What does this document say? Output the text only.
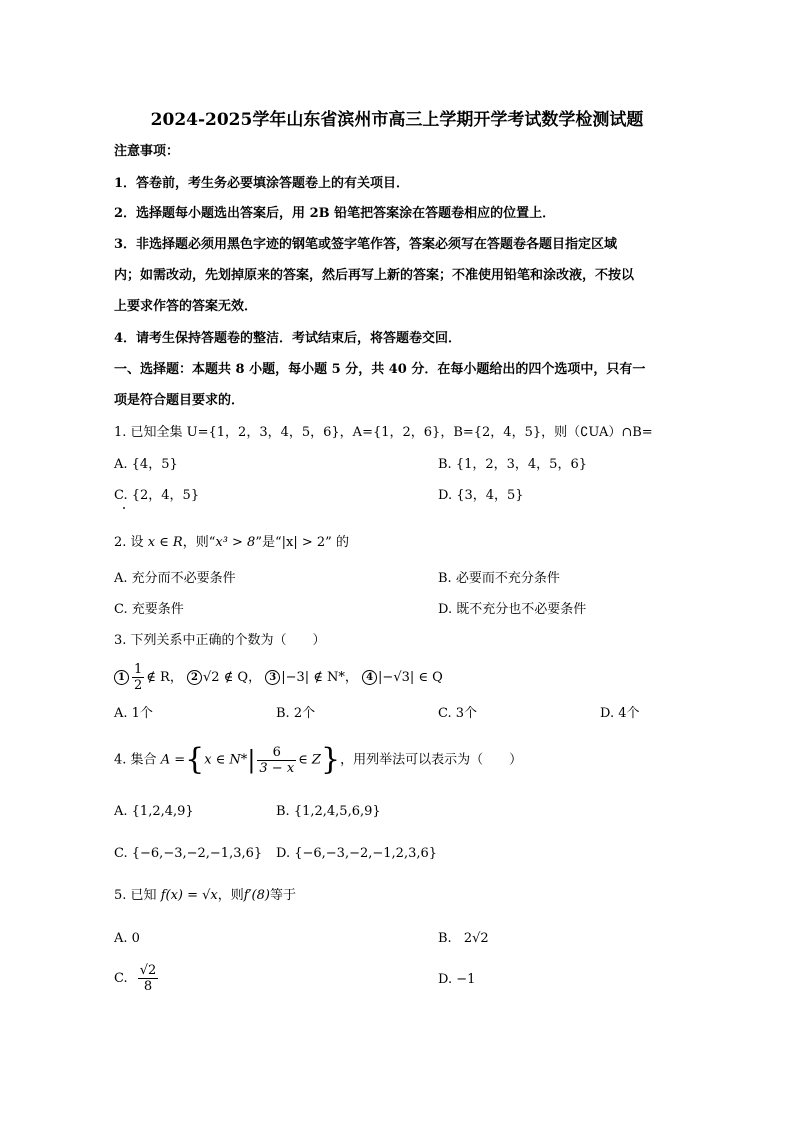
2024-2025学年山东省滨州市高三上学期开学考试数学检测试题
注意事项：
1．答卷前，考生务必要填涂答题卷上的有关项目．
2．选择题每小题选出答案后，用 2B 铅笔把答案涂在答题卷相应的位置上．
3．非选择题必须用黑色字迹的钢笔或签字笔作答，答案必须写在答题卷各题目指定区域
内；如需改动，先划掉原来的答案，然后再写上新的答案；不准使用铅笔和涂改液，不按以
上要求作答的答案无效．
4．请考生保持答题卷的整洁．考试结束后，将答题卷交回．
一、选择题：本题共 8 小题，每小题 5 分，共 40 分．在每小题给出的四个选项中，只有一
项是符合题目要求的．
1. 已知全集 U={1，2，3，4，5，6}，A={1，2，6}，B={2，4，5}，则（∁UA）∩B=
A. {4，5}	B. {1，2，3，4，5，6}
C. {2，4，5}	D. {3，4，5}
2. 设 x ∈ R，则“x³ > 8”是“|x| > 2” 的
A. 充分而不必要条件	B. 必要而不充分条件
C. 充要条件	D. 既不充分也不必要条件
3. 下列关系中正确的个数为（　　）
$1 \frac{1}{2}$ ∉ R， 2 √2 ∉ Q， 3 |−3| ∉ N*， 4 |−√3| ∈ Q
A. 1个	B. 2个	C. 3个	D. 4个
4. 集合 A ={x ∈ $N*| \frac{6}{3 - x}$ ∈ Z}，用列举法可以表示为（　　）
A. {1,2,4,9}	B. {1,2,4,5,6,9}
C. {−6,−3,−2,−1,3,6} D. {−6,−3,−2,−1,2,3,6}
5. 已知 f(x) = √x，则f′(8)等于
A. 0	B. 2√2
C. $\frac{√2}{8}$	D. −1
